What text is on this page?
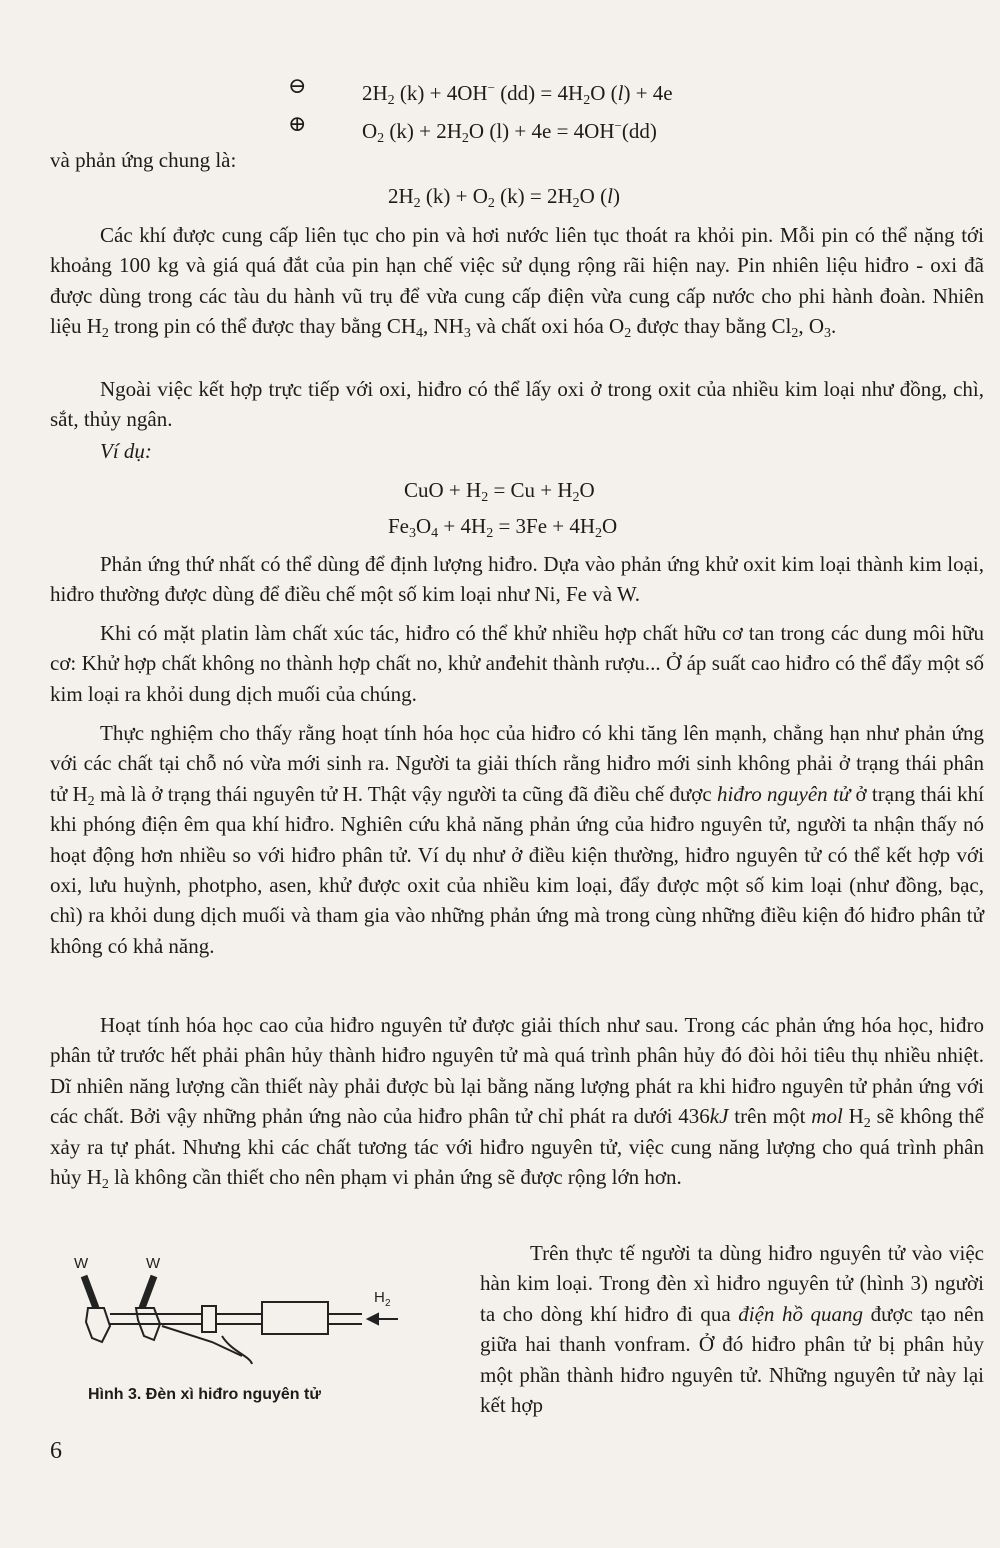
⊖	$2H_2$ (k) + 4OH− $(dd) = 4H_2O$ (l) + 4e
⊕	$O_2$ $(k) + 2H_2O$ (l) + 4e = 4OH−(dd)
và phản ứng chung là:
$2H_2$ $(k) + O_2$ $(k) = 2H_2O$ (l)

Các khí được cung cấp liên tục cho pin và hơi nước liên tục thoát ra khỏi pin. Mỗi pin có thể nặng tới khoảng 100 kg và giá quá đắt của pin hạn chế việc sử dụng rộng rãi hiện nay. Pin nhiên liệu hiđro - oxi đã được dùng trong các tàu du hành vũ trụ để vừa cung cấp điện vừa cung cấp nước cho phi hành đoàn. Nhiên liệu $H_2$ trong pin có thể được thay bằng $CH_4$, $NH_3$ và chất oxi hóa $O_2$ được thay bằng $Cl_2$, $O_3$.

Ngoài việc kết hợp trực tiếp với oxi, hiđro có thể lấy oxi ở trong oxit của nhiều kim loại như đồng, chì, sắt, thủy ngân.

Ví dụ:

CuO + $H_2 = Cu + H_2O$
$Fe_3O_4 + 4H_2 = 3Fe + 4H_2O$

Phản ứng thứ nhất có thể dùng để định lượng hiđro. Dựa vào phản ứng khử oxit kim loại thành kim loại, hiđro thường được dùng để điều chế một số kim loại như Ni, Fe và W.

Khi có mặt platin làm chất xúc tác, hiđro có thể khử nhiều hợp chất hữu cơ tan trong các dung môi hữu cơ: Khử hợp chất không no thành hợp chất no, khử anđehit thành rượu... Ở áp suất cao hiđro có thể đẩy một số kim loại ra khỏi dung dịch muối của chúng.

Thực nghiệm cho thấy rằng hoạt tính hóa học của hiđro có khi tăng lên mạnh, chẳng hạn như phản ứng với các chất tại chỗ nó vừa mới sinh ra. Người ta giải thích rằng hiđro mới sinh không phải ở trạng thái phân tử $H_2$ mà là ở trạng thái nguyên tử H. Thật vậy người ta cũng đã điều chế được hiđro nguyên tử ở trạng thái khí khi phóng điện êm qua khí hiđro. Nghiên cứu khả năng phản ứng của hiđro nguyên tử, người ta nhận thấy nó hoạt động hơn nhiều so với hiđro phân tử. Ví dụ như ở điều kiện thường, hiđro nguyên tử có thể kết hợp với oxi, lưu huỳnh, photpho, asen, khử được oxit của nhiều kim loại, đẩy được một số kim loại (như đồng, bạc, chì) ra khỏi dung dịch muối và tham gia vào những phản ứng mà trong cùng những điều kiện đó hiđro phân tử không có khả năng.

Hoạt tính hóa học cao của hiđro nguyên tử được giải thích như sau. Trong các phản ứng hóa học, hiđro phân tử trước hết phải phân hủy thành hiđro nguyên tử mà quá trình phân hủy đó đòi hỏi tiêu thụ nhiều nhiệt. Dĩ nhiên năng lượng cần thiết này phải được bù lại bằng năng lượng phát ra khi hiđro nguyên tử phản ứng với các chất. Bởi vậy những phản ứng nào của hiđro phân tử chỉ phát ra dưới 436kJ trên một mol $H_2$ sẽ không thể xảy ra tự phát. Nhưng khi các chất tương tác với hiđro nguyên tử, việc cung năng lượng cho quá trình phân hủy $H_2$ là không cần thiết cho nên phạm vi phản ứng sẽ được rộng lớn hơn.

Trên thực tế người ta dùng hiđro nguyên tử vào việc hàn kim loại. Trong đèn xì hiđro nguyên tử (hình 3) người ta cho dòng khí hiđro đi qua điện hồ quang được tạo nên giữa hai thanh vonfram. Ở đó hiđro phân tử bị phân hủy một phần thành hiđro nguyên tử. Những nguyên tử này lại kết hợp

W	W
H 2
Hình 3. Đèn xì hiđro nguyên tử
6
